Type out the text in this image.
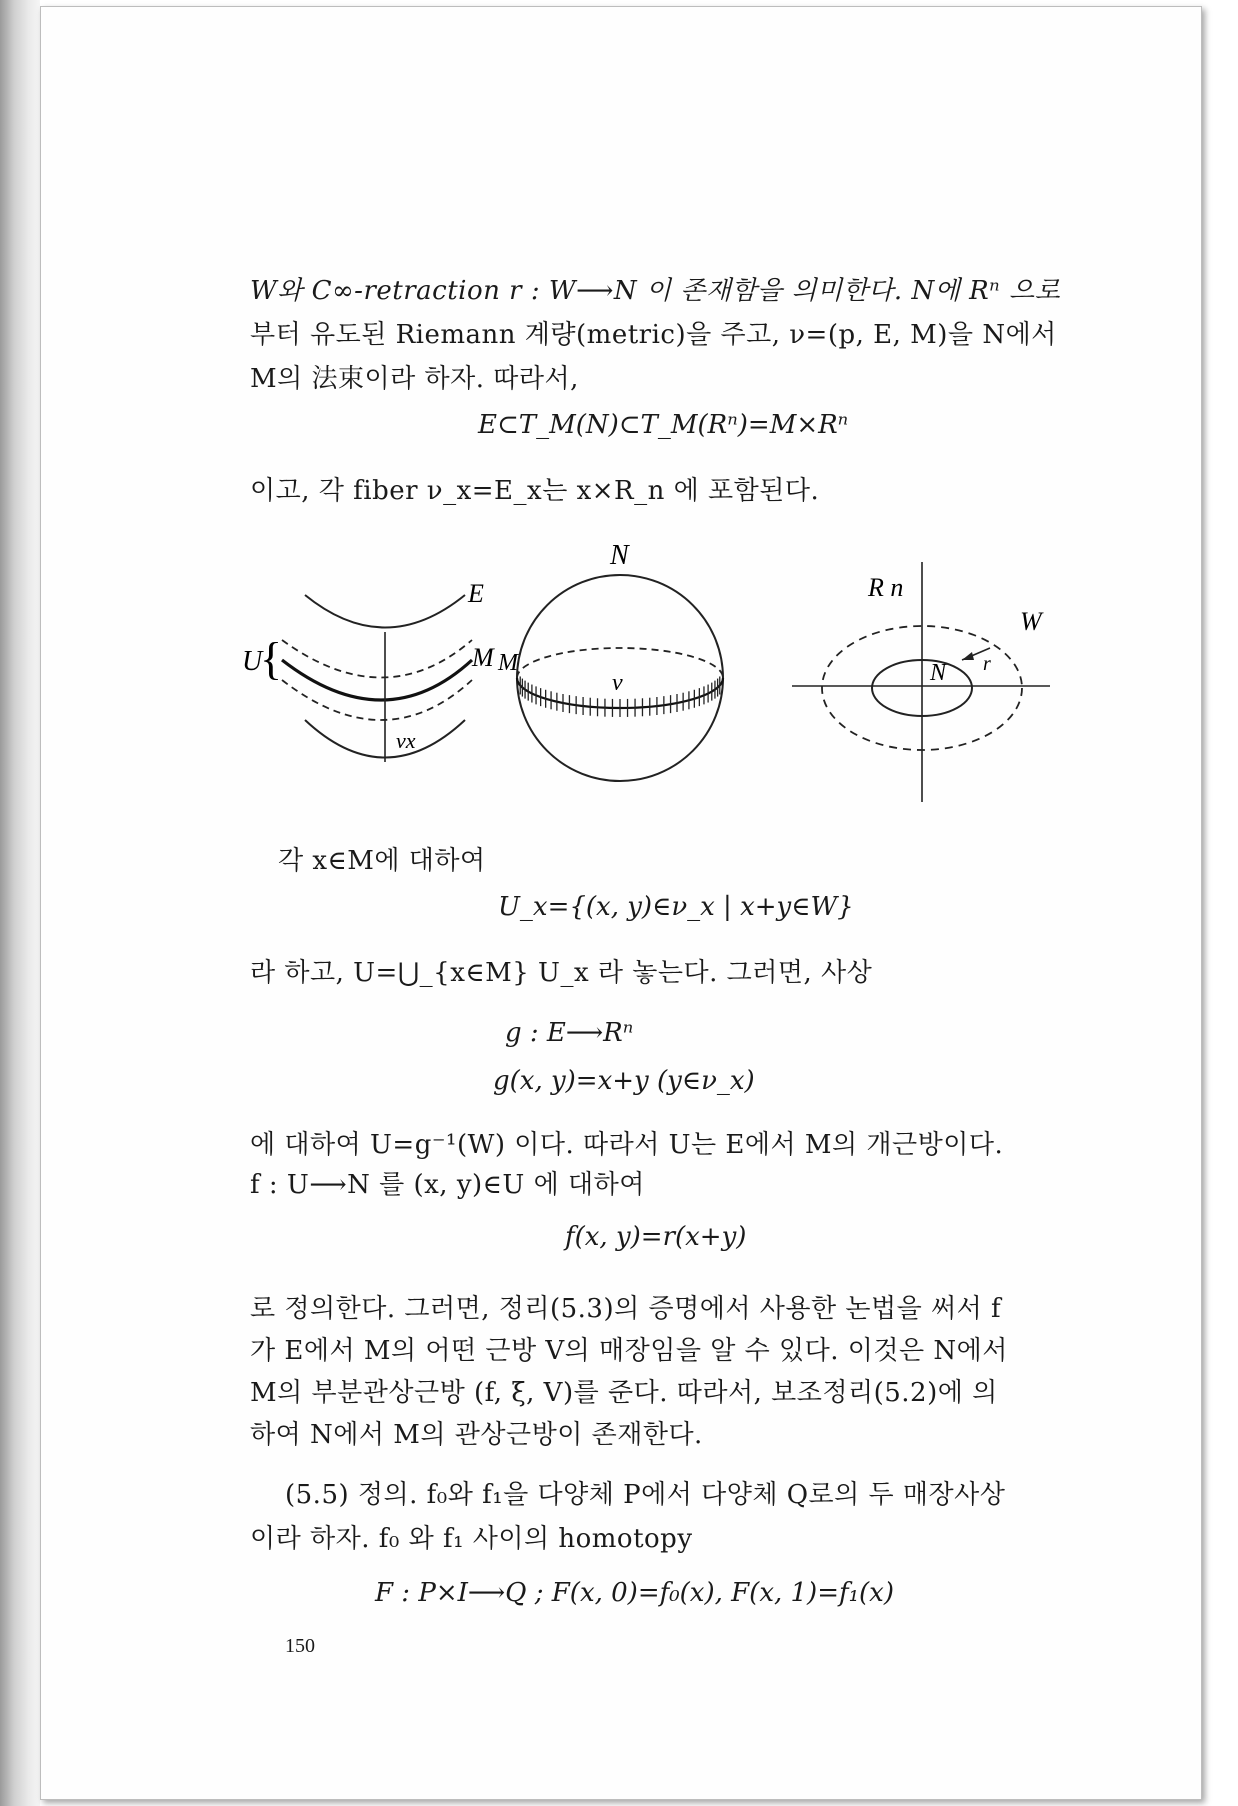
W와 C∞-retraction r : W⟶N 이 존재함을 의미한다. N에 Rⁿ 으로
부터 유도된 Riemann 계량(metric)을 주고, ν=(p, E, M)을 N에서
M의 法束이라 하자. 따라서,
E⊂T_M(N)⊂T_M(Rⁿ)=M×Rⁿ
이고, 각 fiber ν_x=E_x는 x×R_n 에 포함된다.
U
{
E
M
νx
N
M
ν
R n
W
N r
각 x∈M에 대하여
U_x={(x, y)∈ν_x | x+y∈W}
라 하고, U=⋃_{x∈M} U_x 라 놓는다. 그러면, 사상
g : E⟶Rⁿ
g(x, y)=x+y (y∈ν_x)
에 대하여 U=g⁻¹(W) 이다. 따라서 U는 E에서 M의 개근방이다.
f : U⟶N 를 (x, y)∈U 에 대하여
f(x, y)=r(x+y)
로 정의한다. 그러면, 정리(5.3)의 증명에서 사용한 논법을 써서 f
가 E에서 M의 어떤 근방 V의 매장임을 알 수 있다. 이것은 N에서
M의 부분관상근방 (f, ξ, V)를 준다. 따라서, 보조정리(5.2)에 의
하여 N에서 M의 관상근방이 존재한다.
(5.5) 정의. f₀와 f₁을 다양체 P에서 다양체 Q로의 두 매장사상
이라 하자. f₀ 와 f₁ 사이의 homotopy
F : P×I⟶Q ; F(x, 0)=f₀(x), F(x, 1)=f₁(x)
150
